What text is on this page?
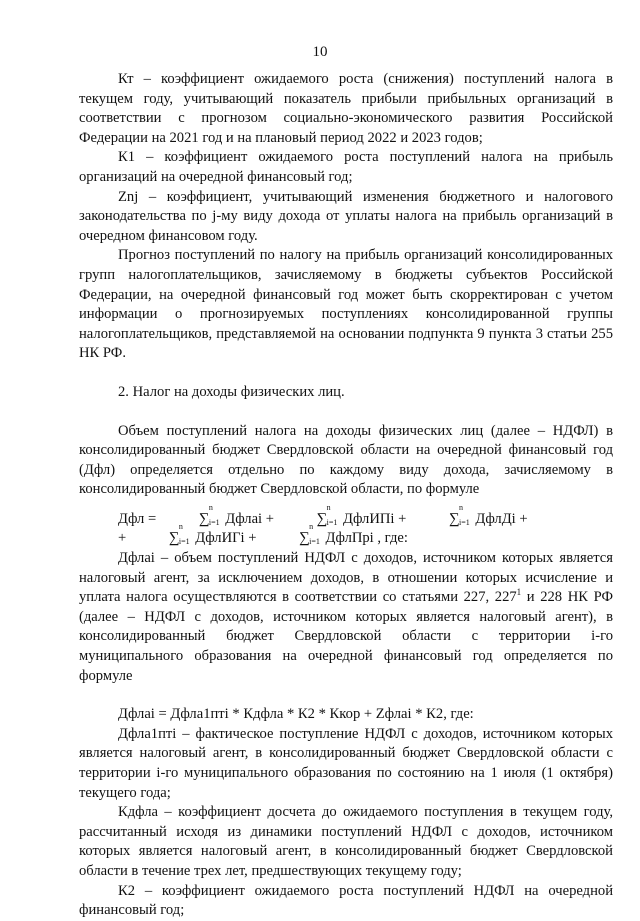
10

Кт – коэффициент ожидаемого роста (снижения) поступлений налога в текущем году, учитывающий показатель прибыли прибыльных организаций в соответствии с прогнозом социально-экономического развития Российской Федерации на 2021 год и на плановый период 2022 и 2023 годов;

К1 – коэффициент ожидаемого роста поступлений налога на прибыль организаций на очередной финансовый год;

Znj – коэффициент, учитывающий изменения бюджетного и налогового законодательства по j-му виду дохода от уплаты налога на прибыль организаций в очередном финансовом году.

Прогноз поступлений по налогу на прибыль организаций консолидированных групп налогоплательщиков, зачисляемому в бюджеты субъектов Российской Федерации, на очередной финансовый год может быть скорректирован с учетом информации о прогнозируемых поступлениях консолидированной группы налогоплательщиков, представляемой на основании подпункта 9 пункта 3 статьи 255 НК РФ.

2. Налог на доходы физических лиц.

Объем поступлений налога на доходы физических лиц (далее – НДФЛ) в консолидированный бюджет Свердловской области на очередной финансовый год (Дфл) определяется отдельно по каждому виду дохода, зачисляемому в консолидированный бюджет Свердловской области, по формуле

Дфл =	∑
n
i=1 Дфлаi +	∑
n
i=1 ДфлИПi +	∑
n
i=1 ДфлДi +

+	∑
n
i=1 ДфлИГi +	∑
n
i=1 ДфлПрi , где:

Дфлаi – объем поступлений НДФЛ с доходов, источником которых является налоговый агент, за исключением доходов, в отношении которых исчисление и уплата налога осуществляются в соответствии со статьями 227, $227^1$ и 228 НК РФ (далее – НДФЛ с доходов, источником которых является налоговый агент), в консолидированный бюджет Свердловской области с территории i-го муниципального образования на очередной финансовый год определяется по формуле

Дфлаi = Дфла1птi * Кдфла * К2 * Ккор + Zфлаi * К2, где:

Дфла1птi – фактическое поступление НДФЛ с доходов, источником которых является налоговый агент, в консолидированный бюджет Свердловской области с территории i-го муниципального образования по состоянию на 1 июля (1 октября) текущего года;

Кдфла – коэффициент досчета до ожидаемого поступления в текущем году, рассчитанный исходя из динамики поступлений НДФЛ с доходов, источником которых является налоговый агент, в консолидированный бюджет Свердловской области в течение трех лет, предшествующих текущему году;

К2 – коэффициент ожидаемого роста поступлений НДФЛ на очередной финансовый год;
